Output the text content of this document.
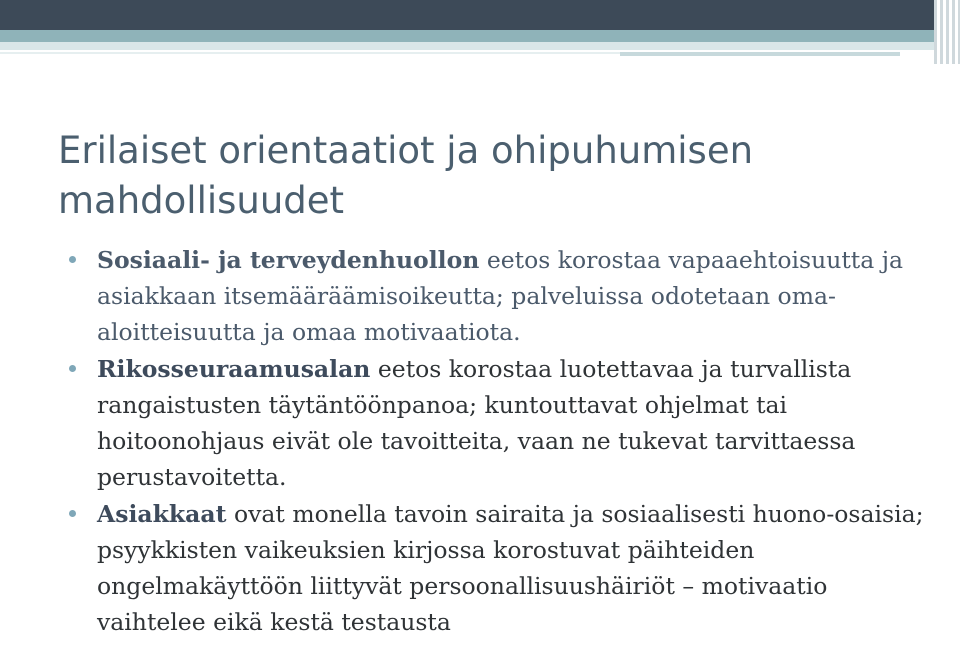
Erilaiset orientaatiot ja ohipuhumisen mahdollisuudet
Sosiaali- ja terveydenhuollon eetos korostaa vapaaehtoisuutta ja asiakkaan itsemääräämisoikeutta; palveluissa odotetaan oma-aloitteisuutta ja omaa motivaatiota.
Rikosseuraamusalan eetos korostaa luotettavaa ja turvallista rangaistusten täytäntöönpanoa; kuntouttavat ohjelmat tai hoitoonohjaus eivät ole tavoitteita, vaan ne tukevat tarvittaessa perustavoitetta.
Asiakkaat ovat monella tavoin sairaita ja sosiaalisesti huono-osaisia; psyykkisten vaikeuksien kirjossa korostuvat päihteiden ongelmakäyttöön liittyvät persoonallisuushäiriöt – motivaatio vaihtelee eikä kestä testausta
